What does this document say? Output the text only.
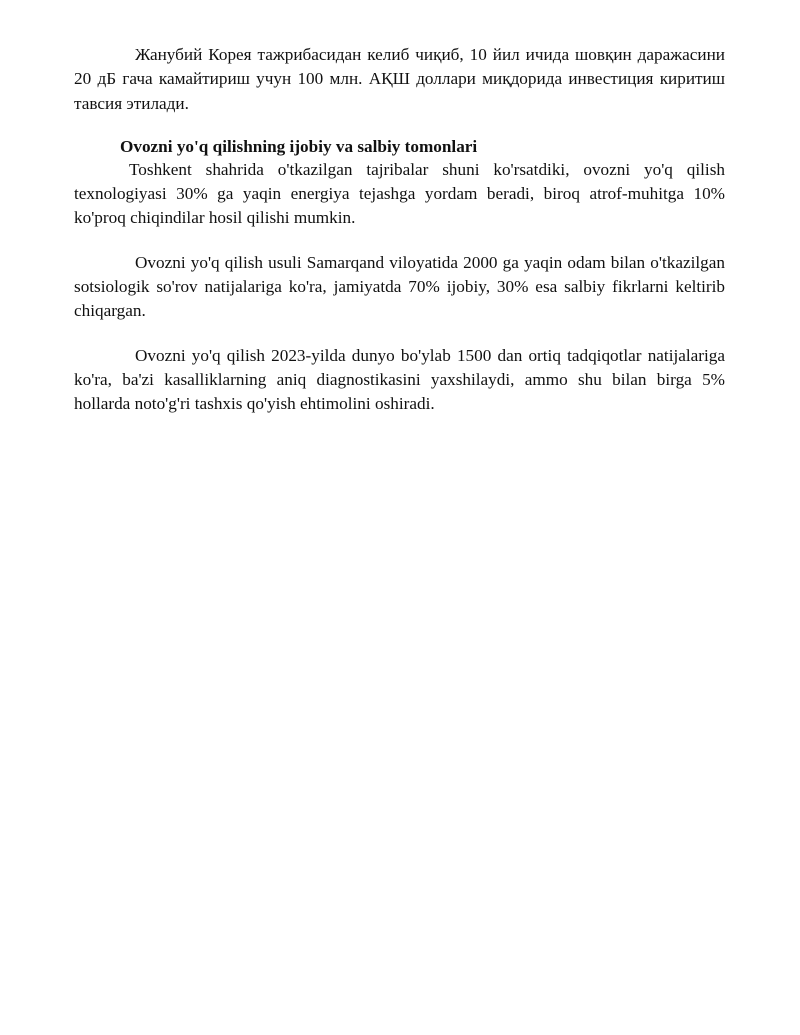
Жанубий Корея тажрибасидан келиб чиқиб, 10 йил ичида шовқин даражасини 20 дБ гача камайтириш учун 100 млн. АҚШ доллари миқдорида инвестиция киритиш тавсия этилади.

Ovozni yo'q qilishning ijobiy va salbiy tomonlari

Toshkent shahrida o'tkazilgan tajribalar shuni ko'rsatdiki, ovozni yo'q qilish texnologiyasi 30% ga yaqin energiya tejashga yordam beradi, biroq atrof-muhitga 10% ko'proq chiqindilar hosil qilishi mumkin.

Ovozni yo'q qilish usuli Samarqand viloyatida 2000 ga yaqin odam bilan o'tkazilgan sotsiologik so'rov natijalariga ko'ra, jamiyatda 70% ijobiy, 30% esa salbiy fikrlarni keltirib chiqargan.

Ovozni yo'q qilish 2023-yilda dunyo bo'ylab 1500 dan ortiq tadqiqotlar natijalariga ko'ra, ba'zi kasalliklarning aniq diagnostikasini yaxshilaydi, ammo shu bilan birga 5% hollarda noto'g'ri tashxis qo'yish ehtimolini oshiradi.
